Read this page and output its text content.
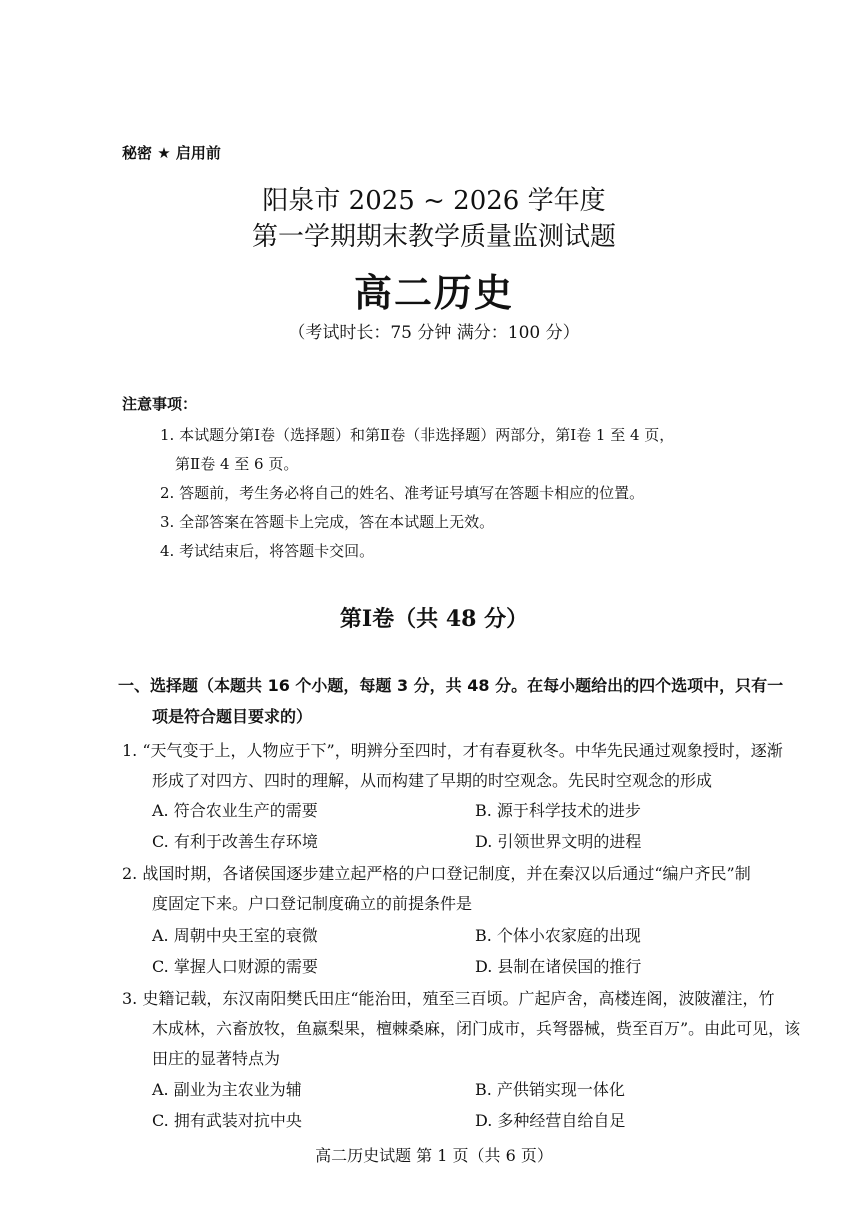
秘密 ★ 启用前
阳泉市 2025 ~ 2026 学年度
第一学期期末教学质量监测试题
高二历史
（考试时长：75 分钟 满分：100 分）
注意事项：
1. 本试题分第Ⅰ卷（选择题）和第Ⅱ卷（非选择题）两部分，第Ⅰ卷 1 至 4 页，
第Ⅱ卷 4 至 6 页。
2. 答题前，考生务必将自己的姓名、准考证号填写在答题卡相应的位置。
3. 全部答案在答题卡上完成，答在本试题上无效。
4. 考试结束后，将答题卡交回。
第Ⅰ卷（共 48 分）
一、选择题（本题共 16 个小题，每题 3 分，共 48 分。在每小题给出的四个选项中，只有一
项是符合题目要求的）
1. “天气变于上，人物应于下”，明辨分至四时，才有春夏秋冬。中华先民通过观象授时，逐渐
形成了对四方、四时的理解，从而构建了早期的时空观念。先民时空观念的形成
A. 符合农业生产的需要	B. 源于科学技术的进步
C. 有利于改善生存环境	D. 引领世界文明的进程
2. 战国时期，各诸侯国逐步建立起严格的户口登记制度，并在秦汉以后通过“编户齐民”制
度固定下来。户口登记制度确立的前提条件是
A. 周朝中央王室的衰微	B. 个体小农家庭的出现
C. 掌握人口财源的需要	D. 县制在诸侯国的推行
3. 史籍记载，东汉南阳樊氏田庄“能治田，殖至三百顷。广起庐舍，高楼连阁，波陂灌注，竹
木成林，六畜放牧，鱼嬴梨果，檀棘桑麻，闭门成市，兵弩器械，赀至百万”。由此可见，该
田庄的显著特点为
A. 副业为主农业为辅	B. 产供销实现一体化
C. 拥有武装对抗中央	D. 多种经营自给自足
高二历史试题 第 1 页（共 6 页）
